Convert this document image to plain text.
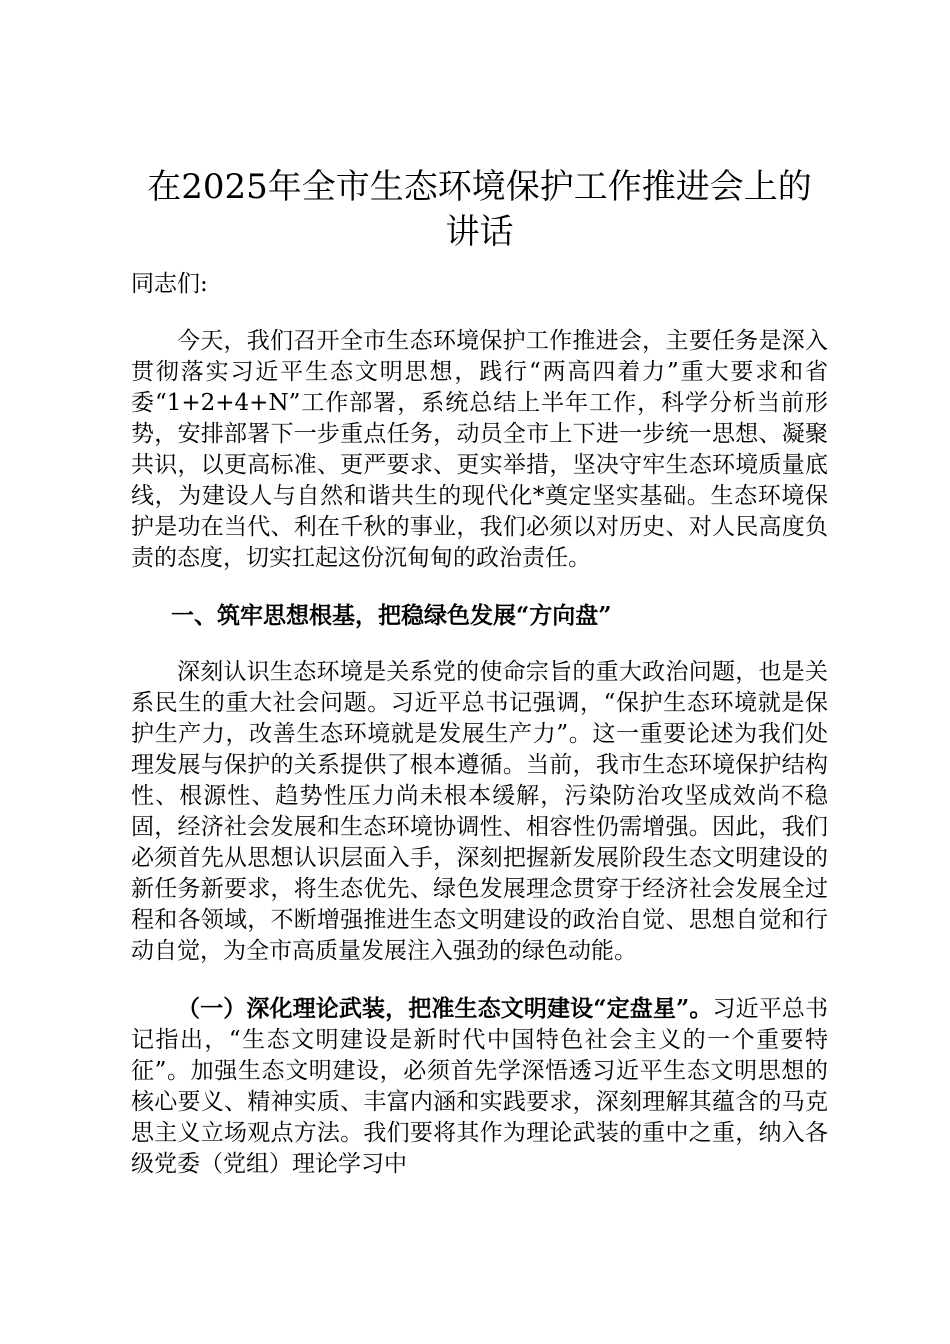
在2025年全市生态环境保护工作推进会上的讲话
同志们:

今天，我们召开全市生态环境保护工作推进会，主要任务是深入贯彻落实习近平生态文明思想，践行“两高四着力”重大要求和省委“1+2+4+N”工作部署，系统总结上半年工作，科学分析当前形势，安排部署下一步重点任务，动员全市上下进一步统一思想、凝聚共识，以更高标准、更严要求、更实举措，坚决守牢生态环境质量底线，为建设人与自然和谐共生的现代化*奠定坚实基础。生态环境保护是功在当代、利在千秋的事业，我们必须以对历史、对人民高度负责的态度，切实扛起这份沉甸甸的政治责任。

一、筑牢思想根基，把稳绿色发展“方向盘”

深刻认识生态环境是关系党的使命宗旨的重大政治问题，也是关系民生的重大社会问题。习近平总书记强调，“保护生态环境就是保护生产力，改善生态环境就是发展生产力”。这一重要论述为我们处理发展与保护的关系提供了根本遵循。当前，我市生态环境保护结构性、根源性、趋势性压力尚未根本缓解，污染防治攻坚成效尚不稳固，经济社会发展和生态环境协调性、相容性仍需增强。因此，我们必须首先从思想认识层面入手，深刻把握新发展阶段生态文明建设的新任务新要求，将生态优先、绿色发展理念贯穿于经济社会发展全过程和各领域，不断增强推进生态文明建设的政治自觉、思想自觉和行动自觉，为全市高质量发展注入强劲的绿色动能。

（一）深化理论武装，把准生态文明建设“定盘星”。习近平总书记指出，“生态文明建设是新时代中国特色社会主义的一个重要特征”。加强生态文明建设，必须首先学深悟透习近平生态文明思想的核心要义、精神实质、丰富内涵和实践要求，深刻理解其蕴含的马克思主义立场观点方法。我们要将其作为理论武装的重中之重，纳入各级党委（党组）理论学习中
